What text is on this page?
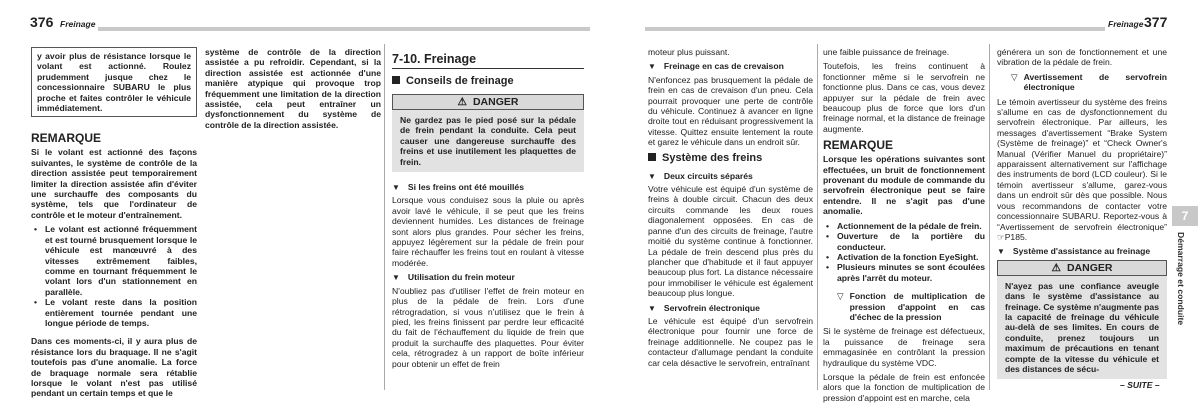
376 Freinage	Freinage 377
y avoir plus de résistance lorsque le volant est actionné. Roulez prudemment jusque chez le concessionnaire SUBARU le plus proche et faites contrôler le véhicule immédiatement.
REMARQUE

Si le volant est actionné des façons suivantes, le système de contrôle de la direction assistée peut temporairement limiter la direction assistée afin d'éviter une surchauffe des composants du système, tels que l'ordinateur de contrôle et le moteur d'entraînement.

• Le volant est actionné fréquemment et est tourné brusquement lorsque le véhicule est manœuvré à des vitesses extrêmement faibles, comme en tournant fréquemment le volant lors d'un stationnement en parallèle.
• Le volant reste dans la position entièrement tournée pendant une longue période de temps.

Dans ces moments-ci, il y aura plus de résistance lors du braquage. Il ne s'agit toutefois pas d'une anomalie. La force de braquage normale sera rétablie lorsque le volant n'est pas utilisé pendant un certain temps et que le

système de contrôle de la direction assistée a pu refroidir. Cependant, si la direction assistée est actionnée d'une manière atypique qui provoque trop fréquemment une limitation de la direction assistée, cela peut entraîner un dysfonctionnement du système de contrôle de la direction assistée.

7-10. Freinage
Conseils de freinage
⚠ DANGER
Ne gardez pas le pied posé sur la pédale de frein pendant la conduite. Cela peut causer une dangereuse surchauffe des freins et use inutilement les plaquettes de frein.
▼ Si les freins ont été mouillés

Lorsque vous conduisez sous la pluie ou après avoir lavé le véhicule, il se peut que les freins deviennent humides. Les distances de freinage sont alors plus grandes. Pour sécher les freins, appuyez légèrement sur la pédale de frein pour faire réchauffer les freins tout en roulant à vitesse modérée.

▼ Utilisation du frein moteur

N'oubliez pas d'utiliser l'effet de frein moteur en plus de la pédale de frein. Lors d'une rétrogradation, si vous n'utilisez que le frein à pied, les freins finissent par perdre leur efficacité du fait de l'échauffement du liquide de frein que produit la surchauffe des plaquettes. Pour éviter cela, rétrogradez à un rapport de boîte inférieur pour obtenir un effet de frein

moteur plus puissant.

▼ Freinage en cas de crevaison

N'enfoncez pas brusquement la pédale de frein en cas de crevaison d'un pneu. Cela pourrait provoquer une perte de contrôle du véhicule. Continuez à avancer en ligne droite tout en réduisant progressivement la vitesse. Quittez ensuite lentement la route et garez le véhicule dans un endroit sûr.

Système des freins
▼ Deux circuits séparés

Votre véhicule est équipé d'un système de freins à double circuit. Chacun des deux circuits commande les deux roues diagonalement opposées. En cas de panne d'un des circuits de freinage, l'autre moitié du système continue à fonctionner. La pédale de frein descend plus près du plancher que d'habitude et il faut appuyer beaucoup plus fort. La distance nécessaire pour immobiliser le véhicule est également beaucoup plus longue.

▼ Servofrein électronique

Le véhicule est équipé d'un servofrein électronique pour fournir une force de freinage additionnelle. Ne coupez pas le contacteur d'allumage pendant la conduite car cela désactive le servofrein, entraînant

une faible puissance de freinage.

Toutefois, les freins continuent à fonctionner même si le servofrein ne fonctionne plus. Dans ce cas, vous devez appuyer sur la pédale de frein avec beaucoup plus de force que lors d'un freinage normal, et la distance de freinage augmente.

REMARQUE

Lorsque les opérations suivantes sont effectuées, un bruit de fonctionnement provenant du module de commande du servofrein électronique peut se faire entendre. Il ne s'agit pas d'une anomalie.

• Actionnement de la pédale de frein.
• Ouverture de la portière du conducteur.
• Activation de la fonction EyeSight.
• Plusieurs minutes se sont écoulées après l'arrêt du moteur.
▽ Fonction de multiplication de pression d'appoint en cas d'échec de la pression

Si le système de freinage est défectueux, la puissance de freinage sera emmagasinée en contrôlant la pression hydraulique du système VDC.

Lorsque la pédale de frein est enfoncée alors que la fonction de multiplication de pression d'appoint est en marche, cela

générera un son de fonctionnement et une vibration de la pédale de frein.

▽ Avertissement de servofrein électronique

Le témoin avertisseur du système des freins s'allume en cas de dysfonctionnement du servofrein électronique. Par ailleurs, les messages d'avertissement “Brake System (Système de freinage)” et “Check Owner's Manual (Vérifier Manuel du propriétaire)” apparaissent alternativement sur l'affichage des instruments de bord (LCD couleur). Si le témoin avertisseur s'allume, garez-vous dans un endroit sûr dès que possible. Nous vous recommandons de contacter votre concessionnaire SUBARU. Reportez-vous à “Avertissement de servofrein électronique” ☞P185.

▼ Système d'assistance au freinage
⚠ DANGER
N'ayez pas une confiance aveugle dans le système d'assistance au freinage. Ce système n'augmente pas la capacité de freinage du véhicule au-delà de ses limites. En cours de conduite, prenez toujours un maximum de précautions en tenant compte de la vitesse du véhicule et des distances de sécu-
7
Démarrage et conduite
– SUITE –
